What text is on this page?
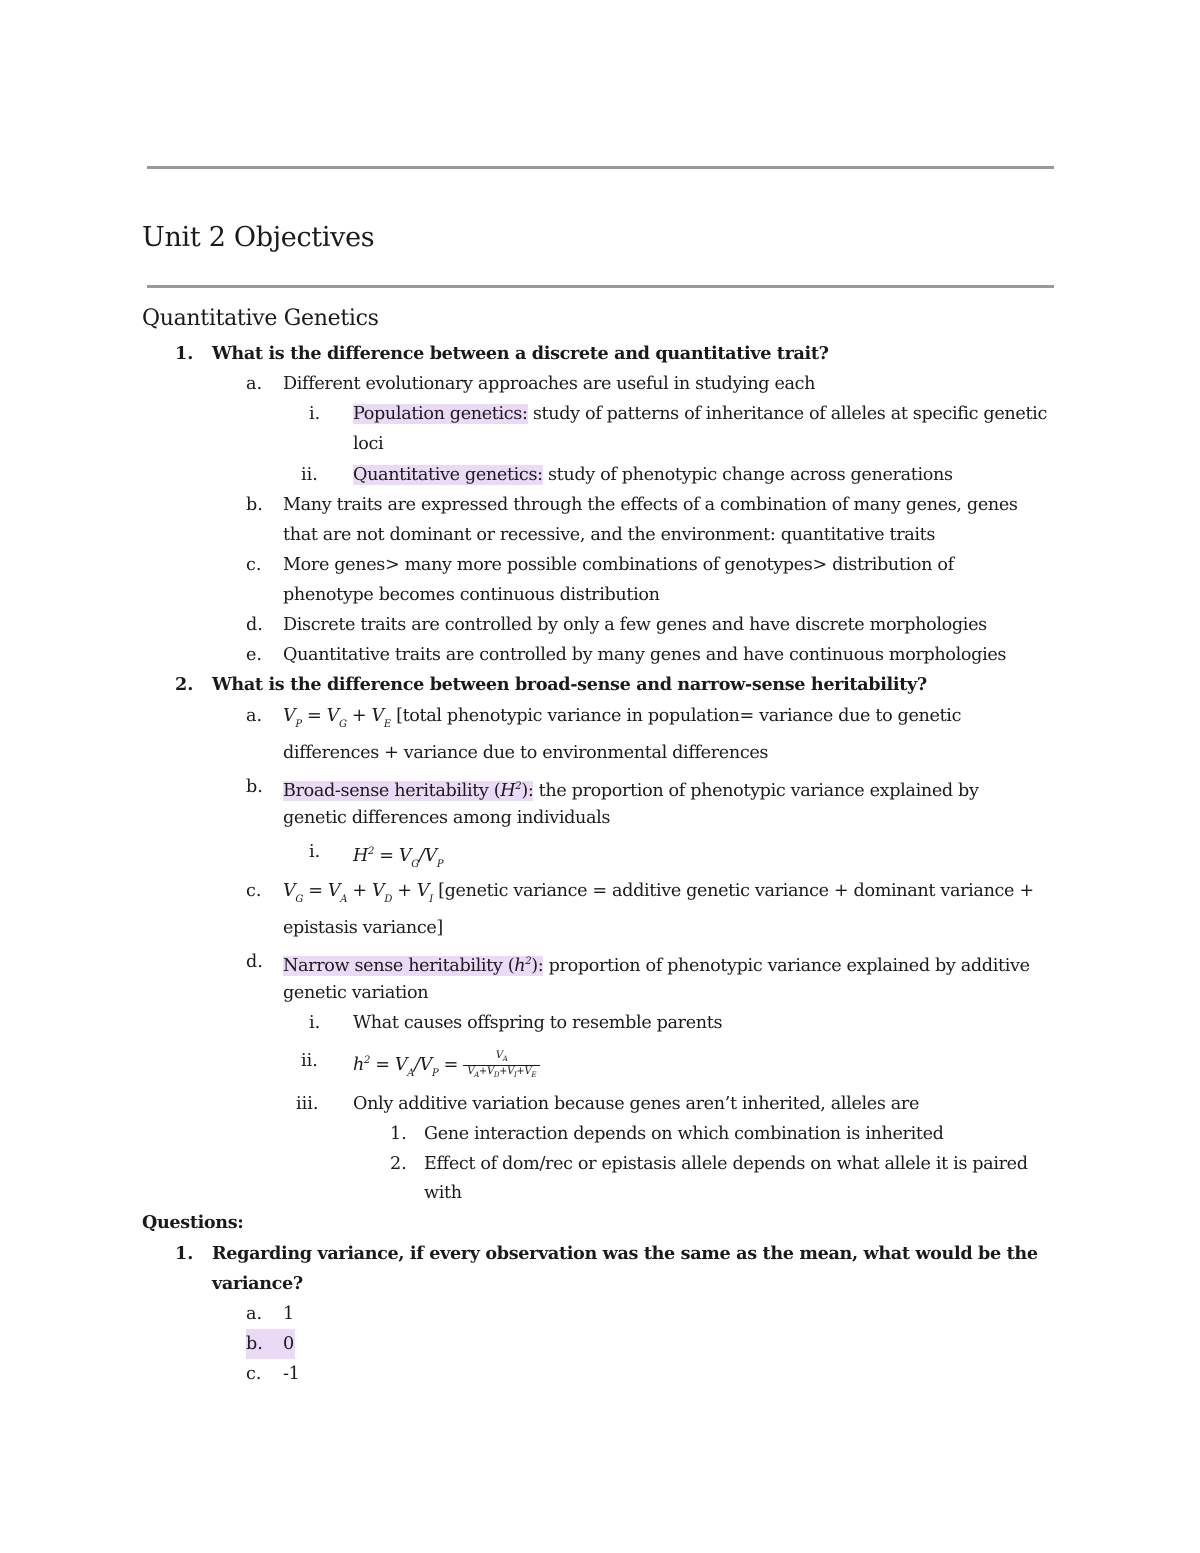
Unit 2 Objectives
Quantitative Genetics
1. What is the difference between a discrete and quantitative trait?
a. Different evolutionary approaches are useful in studying each
i. Population genetics: study of patterns of inheritance of alleles at specific genetic
loci
ii. Quantitative genetics: study of phenotypic change across generations
b. Many traits are expressed through the effects of a combination of many genes, genes
that are not dominant or recessive, and the environment: quantitative traits
c. More genes> many more possible combinations of genotypes> distribution of
phenotype becomes continuous distribution
d. Discrete traits are controlled by only a few genes and have discrete morphologies
e. Quantitative traits are controlled by many genes and have continuous morphologies
2. What is the difference between broad-sense and narrow-sense heritability?
a. $V_P = V_G + V_E$ [total phenotypic variance in population= variance due to genetic
differences + variance due to environmental differences
b. Broad-sense heritability $(H^2)$: the proportion of phenotypic variance explained by
genetic differences among individuals
i. $H^2 = V_G/V_P$
c. $V_G = V_A + V_D + V_I$ [genetic variance = additive genetic variance + dominant variance +
epistasis variance]
d. Narrow sense heritability $(h^2)$: proportion of phenotypic variance explained by additive
genetic variation
i. What causes offspring to resemble parents
ii. $h^2 = V_A/V_P = \frac{V_A}{V_A+V_D+V_I+V_E}$
iii. Only additive variation because genes aren’t inherited, alleles are
1. Gene interaction depends on which combination is inherited
2. Effect of dom/rec or epistasis allele depends on what allele it is paired
with
Questions:
1. Regarding variance, if every observation was the same as the mean, what would be the
variance?
a. 1
b.	0
c. -1
